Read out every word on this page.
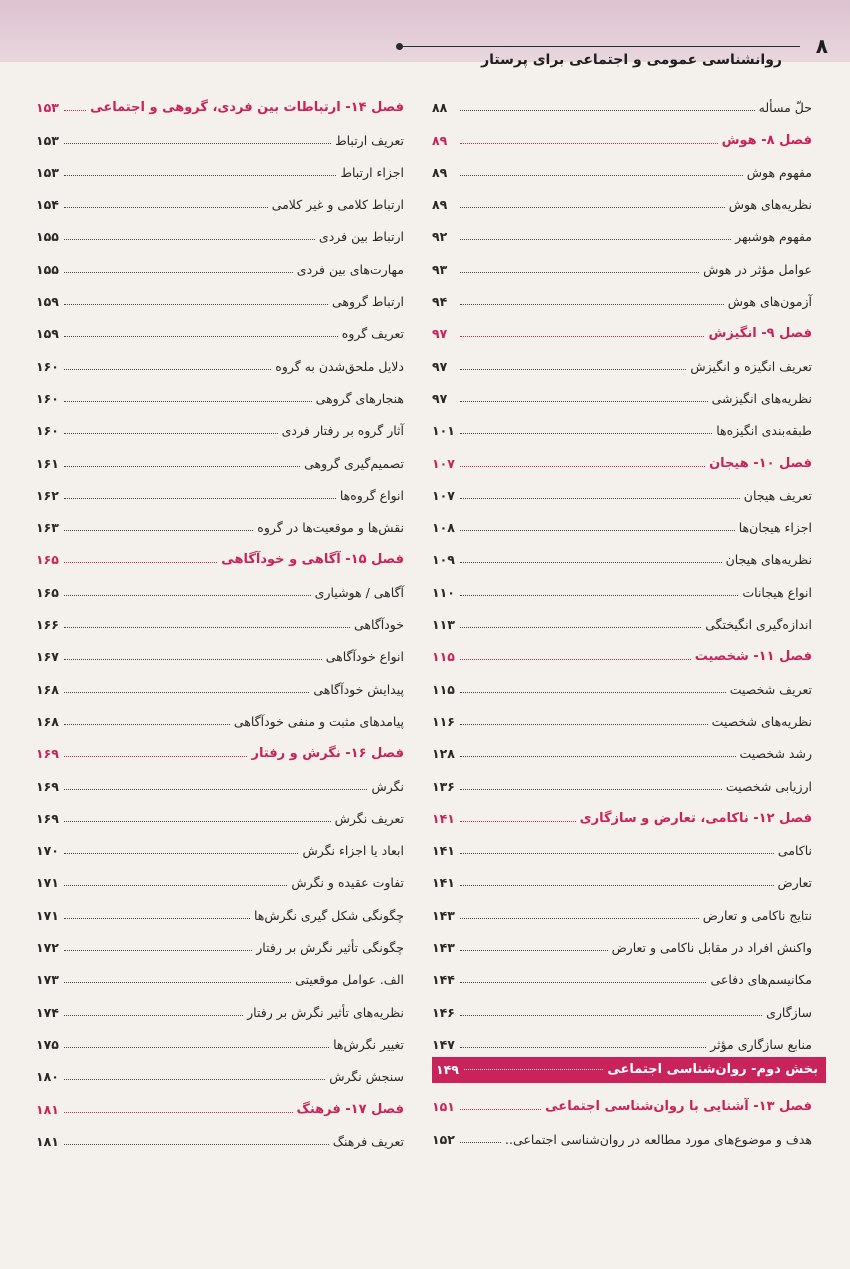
روانشناسی عمومی و اجتماعی برای پرستار
۸
حلّ مسأله
۸۸
فصل ۸- هوش
۸۹
مفهوم هوش
۸۹
نظریه‌های هوش
۸۹
مفهوم هوشبهر
۹۲
عوامل مؤثر در هوش
۹۳
آزمون‌های هوش
۹۴
فصل ۹- انگیزش
۹۷
تعریف انگیزه و انگیزش
۹۷
نظریه‌های انگیزشی
۹۷
طبقه‌بندی انگیزه‌ها
۱۰۱
فصل ۱۰- هیجان
۱۰۷
تعریف هیجان
۱۰۷
اجزاء هیجان‌ها
۱۰۸
نظریه‌های هیجان
۱۰۹
انواع هیجانات
۱۱۰
اندازه‌گیری انگیختگی
۱۱۳
فصل ۱۱- شخصیت
۱۱۵
تعریف شخصیت
۱۱۵
نظریه‌های شخصیت
۱۱۶
رشد شخصیت
۱۲۸
ارزیابی شخصیت
۱۳۶
فصل ۱۲- ناکامی، تعارض و سازگاری
۱۴۱
ناکامی
۱۴۱
تعارض
۱۴۱
نتایج ناکامی و تعارض
۱۴۳
واکنش افراد در مقابل ناکامی و تعارض
۱۴۳
مکانیسم‌های دفاعی
۱۴۴
سازگاری
۱۴۶
منابع سازگاری مؤثر
۱۴۷
بخش دوم- روان‌شناسی اجتماعی
۱۴۹
فصل ۱۳- آشنایی با روان‌شناسی اجتماعی
۱۵۱
هدف و موضوع‌های مورد مطالعه در روان‌شناسی اجتماعی..
۱۵۲
فصل ۱۴- ارتباطات بین فردی، گروهی و اجتماعی
۱۵۳
تعریف ارتباط
۱۵۳
اجزاء ارتباط
۱۵۳
ارتباط کلامی و غیر کلامی
۱۵۴
ارتباط بین فردی
۱۵۵
مهارت‌های بین فردی
۱۵۵
ارتباط گروهی
۱۵۹
تعریف گروه
۱۵۹
دلایل ملحق‌شدن به گروه
۱۶۰
هنجارهای گروهی
۱۶۰
آثار گروه بر رفتار فردی
۱۶۰
تصمیم‌گیری گروهی
۱۶۱
انواع گروه‌ها
۱۶۲
نقش‌ها و موقعیت‌ها در گروه
۱۶۳
فصل ۱۵- آگاهی و خودآگاهی
۱۶۵
آگاهی / هوشیاری
۱۶۵
خودآگاهی
۱۶۶
انواع خودآگاهی
۱۶۷
پیدایش خودآگاهی
۱۶۸
پیامدهای مثبت و منفی خودآگاهی
۱۶۸
فصل ۱۶- نگرش و رفتار
۱۶۹
نگرش
۱۶۹
تعریف نگرش
۱۶۹
ابعاد یا اجزاء نگرش
۱۷۰
تفاوت عقیده و نگرش
۱۷۱
چگونگی شکل گیری نگرش‌ها
۱۷۱
چگونگی تأثیر نگرش بر رفتار
۱۷۲
الف. عوامل موقعیتی
۱۷۳
نظریه‌های تأثیر نگرش بر رفتار
۱۷۴
تغییر نگرش‌ها
۱۷۵
سنجش نگرش
۱۸۰
فصل ۱۷- فرهنگ
۱۸۱
تعریف فرهنگ
۱۸۱
